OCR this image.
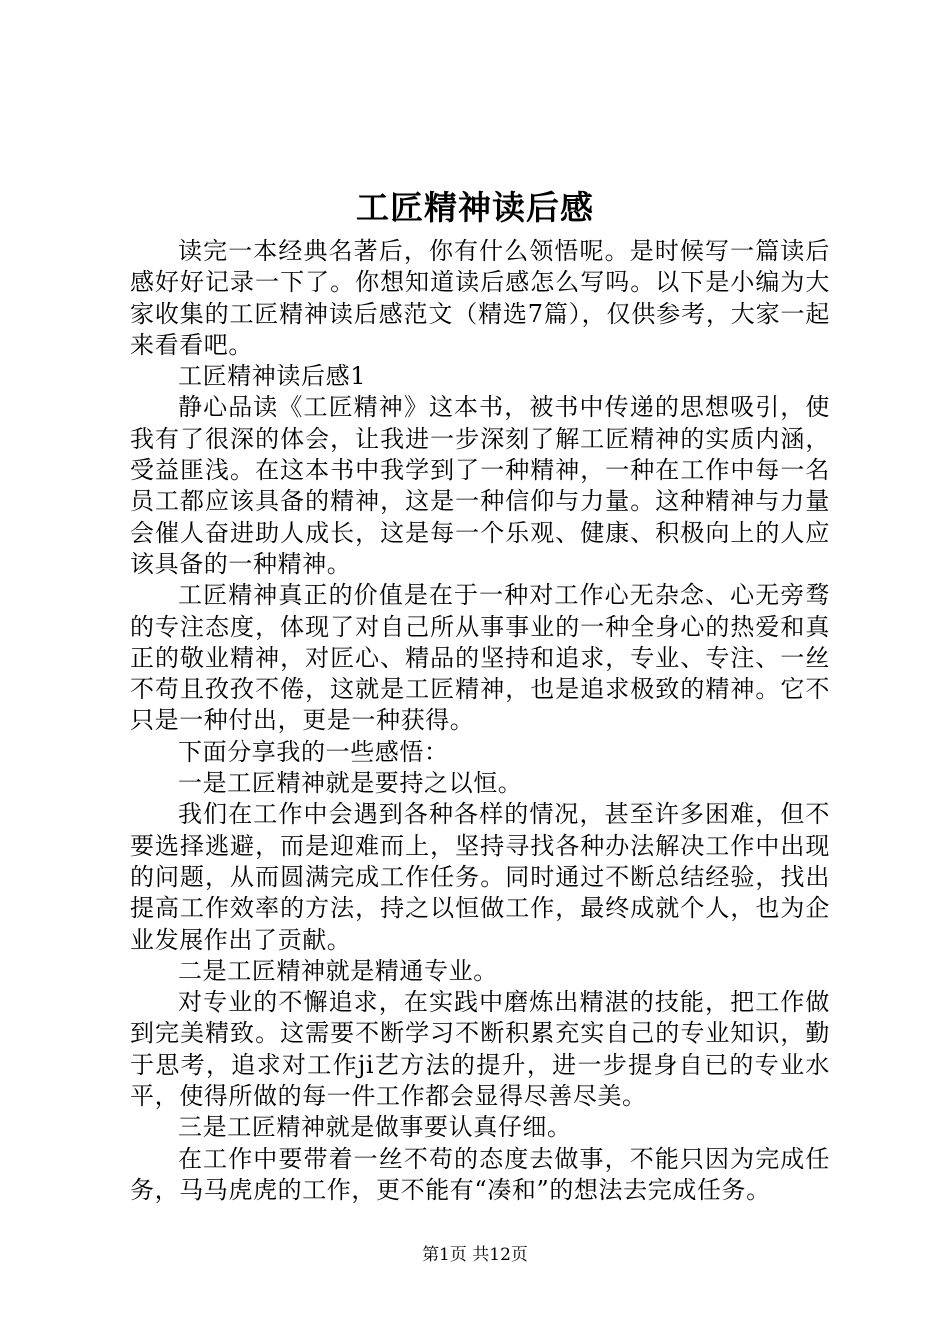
工匠精神读后感

读完一本经典名著后，你有什么领悟呢。是时候写一篇读后感好好记录一下了。你想知道读后感怎么写吗。以下是小编为大家收集的工匠精神读后感范文（精选7篇），仅供参考，大家一起来看看吧。

工匠精神读后感1

静心品读《工匠精神》这本书，被书中传递的思想吸引，使我有了很深的体会，让我进一步深刻了解工匠精神的实质内涵，受益匪浅。在这本书中我学到了一种精神，一种在工作中每一名员工都应该具备的精神，这是一种信仰与力量。这种精神与力量会催人奋进助人成长，这是每一个乐观、健康、积极向上的人应该具备的一种精神。

工匠精神真正的价值是在于一种对工作心无杂念、心无旁骛的专注态度，体现了对自己所从事事业的一种全身心的热爱和真正的敬业精神，对匠心、精品的坚持和追求，专业、专注、一丝不苟且孜孜不倦，这就是工匠精神，也是追求极致的精神。它不只是一种付出，更是一种获得。

下面分享我的一些感悟：

一是工匠精神就是要持之以恒。

我们在工作中会遇到各种各样的情况，甚至许多困难，但不要选择逃避，而是迎难而上，坚持寻找各种办法解决工作中出现的问题，从而圆满完成工作任务。同时通过不断总结经验，找出提高工作效率的方法，持之以恒做工作，最终成就个人，也为企业发展作出了贡献。

二是工匠精神就是精通专业。

对专业的不懈追求，在实践中磨炼出精湛的技能，把工作做到完美精致。这需要不断学习不断积累充实自己的专业知识，勤于思考，追求对工作ji艺方法的提升，进一步提身自已的专业水平，使得所做的每一件工作都会显得尽善尽美。

三是工匠精神就是做事要认真仔细。

在工作中要带着一丝不苟的态度去做事，不能只因为完成任务，马马虎虎的工作，更不能有“凑和”的想法去完成任务。

第1页 共12页
